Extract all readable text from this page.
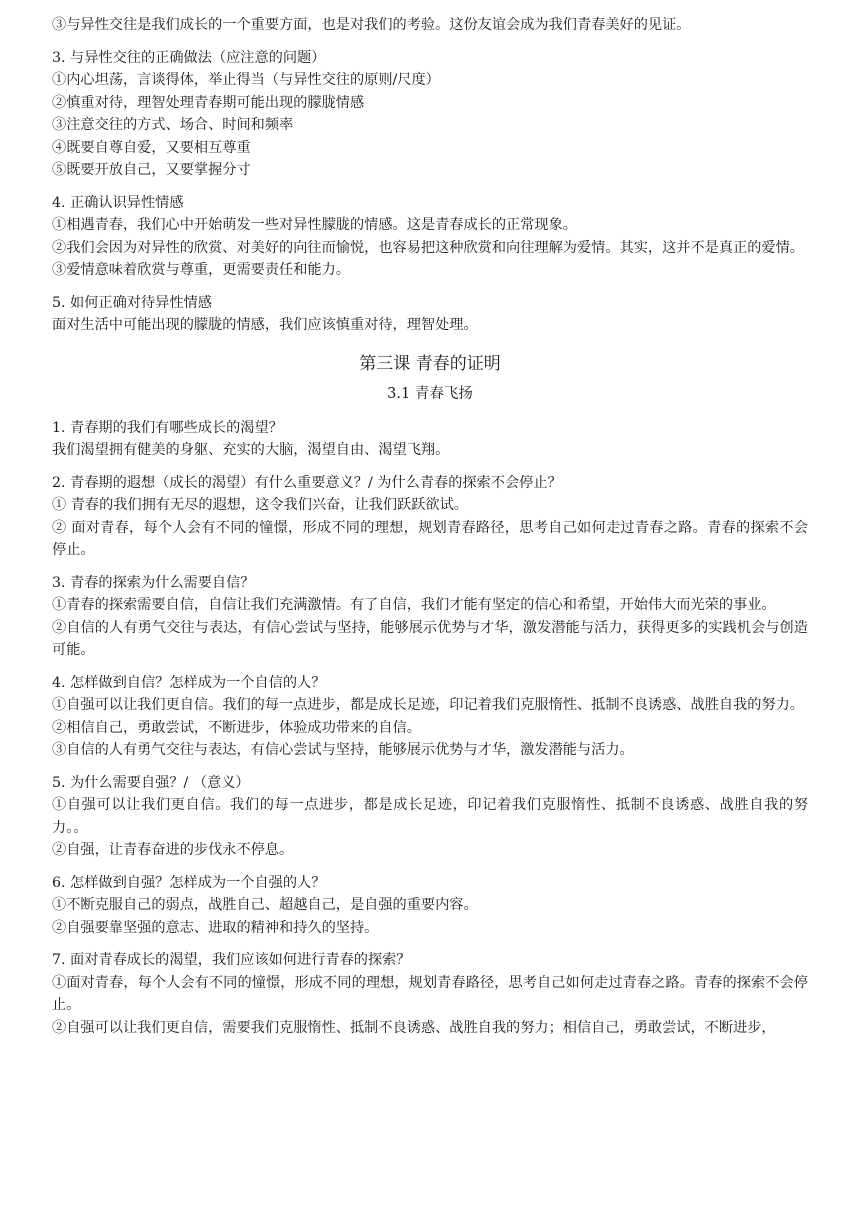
③与异性交往是我们成长的一个重要方面，也是对我们的考验。这份友谊会成为我们青春美好的见证。
3. 与异性交往的正确做法（应注意的问题）
①内心坦荡，言谈得体，举止得当（与异性交往的原则/尺度）
②慎重对待，理智处理青春期可能出现的朦胧情感
③注意交往的方式、场合、时间和频率
④既要自尊自爱，又要相互尊重
⑤既要开放自己，又要掌握分寸
4. 正确认识异性情感
①相遇青春，我们心中开始萌发一些对异性朦胧的情感。这是青春成长的正常现象。
②我们会因为对异性的欣赏、对美好的向往而愉悦，也容易把这种欣赏和向往理解为爱情。其实，这并不是真正的爱情。
③爱情意味着欣赏与尊重，更需要责任和能力。
5. 如何正确对待异性情感
面对生活中可能出现的朦胧的情感，我们应该慎重对待，理智处理。
第三课 青春的证明
3.1 青春飞扬
1. 青春期的我们有哪些成长的渴望？
我们渴望拥有健美的身躯、充实的大脑，渴望自由、渴望飞翔。
2. 青春期的遐想（成长的渴望）有什么重要意义？/ 为什么青春的探索不会停止？
① 青春的我们拥有无尽的遐想，这令我们兴奋，让我们跃跃欲试。
② 面对青春，每个人会有不同的憧憬，形成不同的理想，规划青春路径，思考自己如何走过青春之路。青春的探索不会停止。
3. 青春的探索为什么需要自信？
①青春的探索需要自信，自信让我们充满激情。有了自信，我们才能有坚定的信心和希望，开始伟大而光荣的事业。
②自信的人有勇气交往与表达，有信心尝试与坚持，能够展示优势与才华，激发潜能与活力，获得更多的实践机会与创造可能。
4. 怎样做到自信？怎样成为一个自信的人？
①自强可以让我们更自信。我们的每一点进步，都是成长足迹，印记着我们克服惰性、抵制不良诱惑、战胜自我的努力。
②相信自己，勇敢尝试，不断进步，体验成功带来的自信。
③自信的人有勇气交往与表达，有信心尝试与坚持，能够展示优势与才华，激发潜能与活力。
5. 为什么需要自强？/ （意义）
①自强可以让我们更自信。我们的每一点进步，都是成长足迹，印记着我们克服惰性、抵制不良诱惑、战胜自我的努力。。
②自强，让青春奋进的步伐永不停息。
6. 怎样做到自强？怎样成为一个自强的人？
①不断克服自己的弱点，战胜自己、超越自己，是自强的重要内容。
②自强要靠坚强的意志、进取的精神和持久的坚持。
7. 面对青春成长的渴望，我们应该如何进行青春的探索？
①面对青春，每个人会有不同的憧憬，形成不同的理想，规划青春路径，思考自己如何走过青春之路。青春的探索不会停止。
②自强可以让我们更自信，需要我们克服惰性、抵制不良诱惑、战胜自我的努力；相信自己，勇敢尝试，不断进步，
